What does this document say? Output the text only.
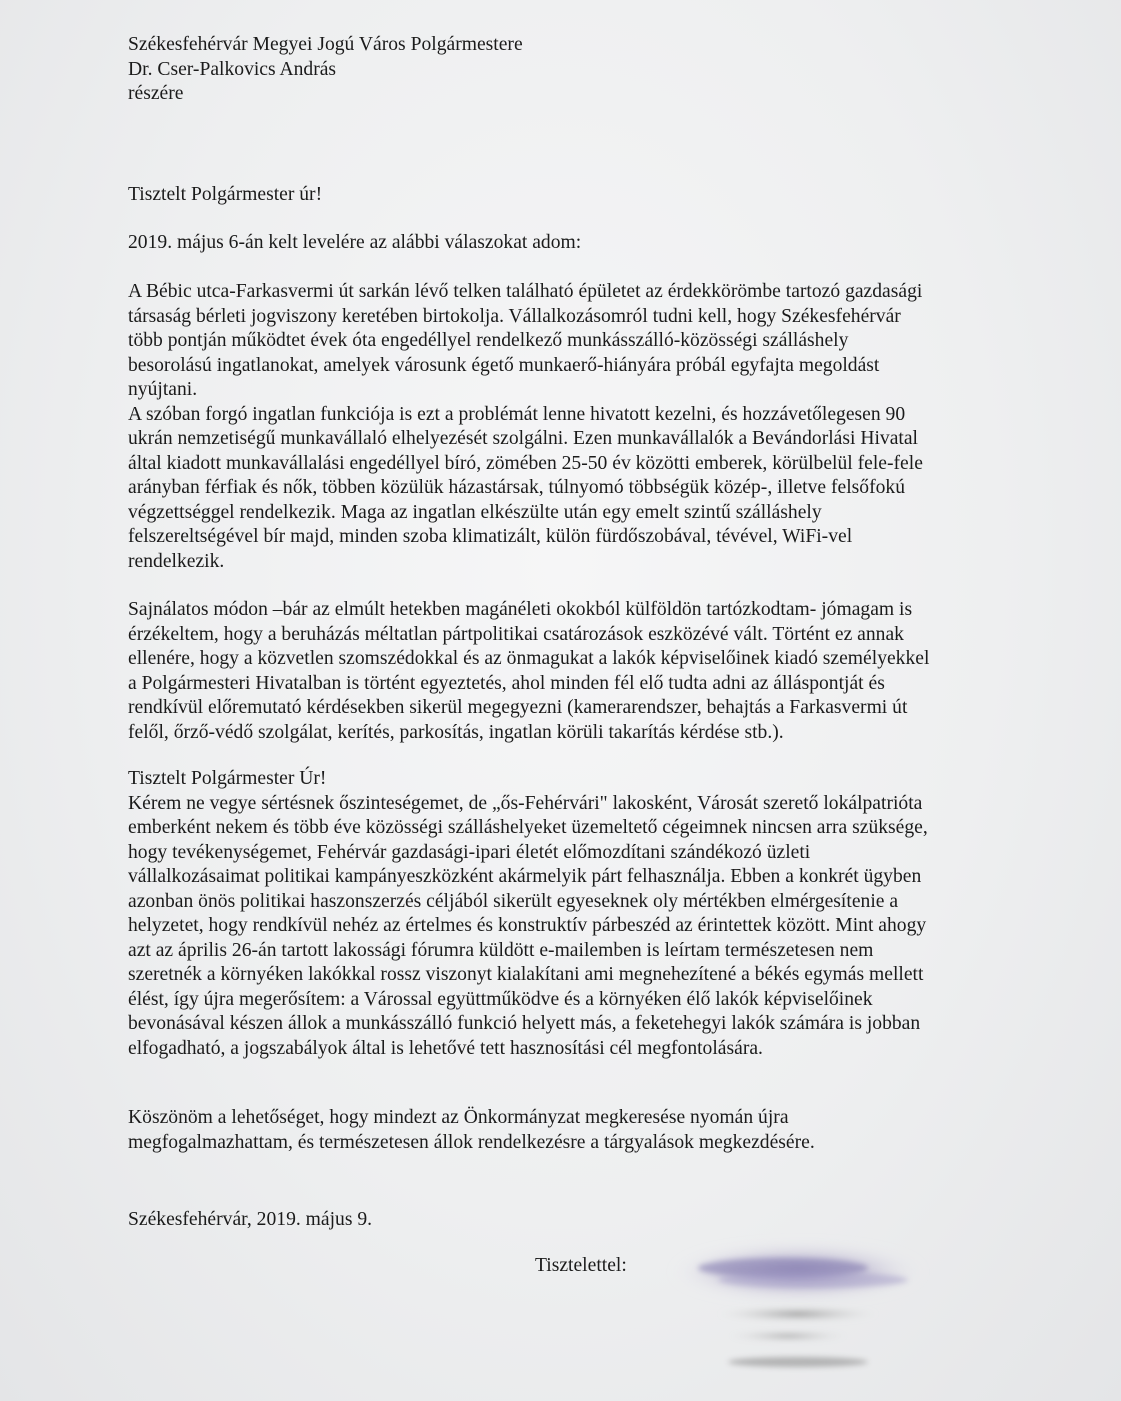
Székesfehérvár Megyei Jogú Város Polgármestere
Dr. Cser-Palkovics András
részére
Tisztelt Polgármester úr!
2019. május 6-án kelt levelére az alábbi válaszokat adom:
A Bébic utca-Farkasvermi út sarkán lévő telken található épületet az érdekkörömbe tartozó gazdasági
társaság bérleti jogviszony keretében birtokolja. Vállalkozásomról tudni kell, hogy Székesfehérvár
több pontján működtet évek óta engedéllyel rendelkező munkásszálló-közösségi szálláshely
besorolású ingatlanokat, amelyek városunk égető munkaerő-hiányára próbál egyfajta megoldást
nyújtani.
A szóban forgó ingatlan funkciója is ezt a problémát lenne hivatott kezelni, és hozzávetőlegesen 90
ukrán nemzetiségű munkavállaló elhelyezését szolgálni. Ezen munkavállalók a Bevándorlási Hivatal
által kiadott munkavállalási engedéllyel bíró, zömében 25-50 év közötti emberek, körülbelül fele-fele
arányban férfiak és nők, többen közülük házastársak, túlnyomó többségük közép-, illetve felsőfokú
végzettséggel rendelkezik. Maga az ingatlan elkészülte után egy emelt szintű szálláshely
felszereltségével bír majd, minden szoba klimatizált, külön fürdőszobával, tévével, WiFi-vel
rendelkezik.
Sajnálatos módon –bár az elmúlt hetekben magánéleti okokból külföldön tartózkodtam- jómagam is
érzékeltem, hogy a beruházás méltatlan pártpolitikai csatározások eszközévé vált. Történt ez annak
ellenére, hogy a közvetlen szomszédokkal és az önmagukat a lakók képviselőinek kiadó személyekkel
a Polgármesteri Hivatalban is történt egyeztetés, ahol minden fél elő tudta adni az álláspontját és
rendkívül előremutató kérdésekben sikerül megegyezni (kamerarendszer, behajtás a Farkasvermi út
felől, őrző-védő szolgálat, kerítés, parkosítás, ingatlan körüli takarítás kérdése stb.).
Tisztelt Polgármester Úr!
Kérem ne vegye sértésnek őszinteségemet, de „ős-Fehérvári" lakosként, Városát szerető lokálpatrióta
emberként nekem és több éve közösségi szálláshelyeket üzemeltető cégeimnek nincsen arra szüksége,
hogy tevékenységemet, Fehérvár gazdasági-ipari életét előmozdítani szándékozó üzleti
vállalkozásaimat politikai kampányeszközként akármelyik párt felhasználja. Ebben a konkrét ügyben
azonban önös politikai haszonszerzés céljából sikerült egyeseknek oly mértékben elmérgesítenie a
helyzetet, hogy rendkívül nehéz az értelmes és konstruktív párbeszéd az érintettek között. Mint ahogy
azt az április 26-án tartott lakossági fórumra küldött e-mailemben is leírtam természetesen nem
szeretnék a környéken lakókkal rossz viszonyt kialakítani ami megnehezítené a békés egymás mellett
élést, így újra megerősítem: a Várossal együttműködve és a környéken élő lakók képviselőinek
bevonásával készen állok a munkásszálló funkció helyett más, a feketehegyi lakók számára is jobban
elfogadható, a jogszabályok által is lehetővé tett hasznosítási cél megfontolására.
Köszönöm a lehetőséget, hogy mindezt az Önkormányzat megkeresése nyomán újra
megfogalmazhattam, és természetesen állok rendelkezésre a tárgyalások megkezdésére.
Székesfehérvár, 2019. május 9.
Tisztelettel:
